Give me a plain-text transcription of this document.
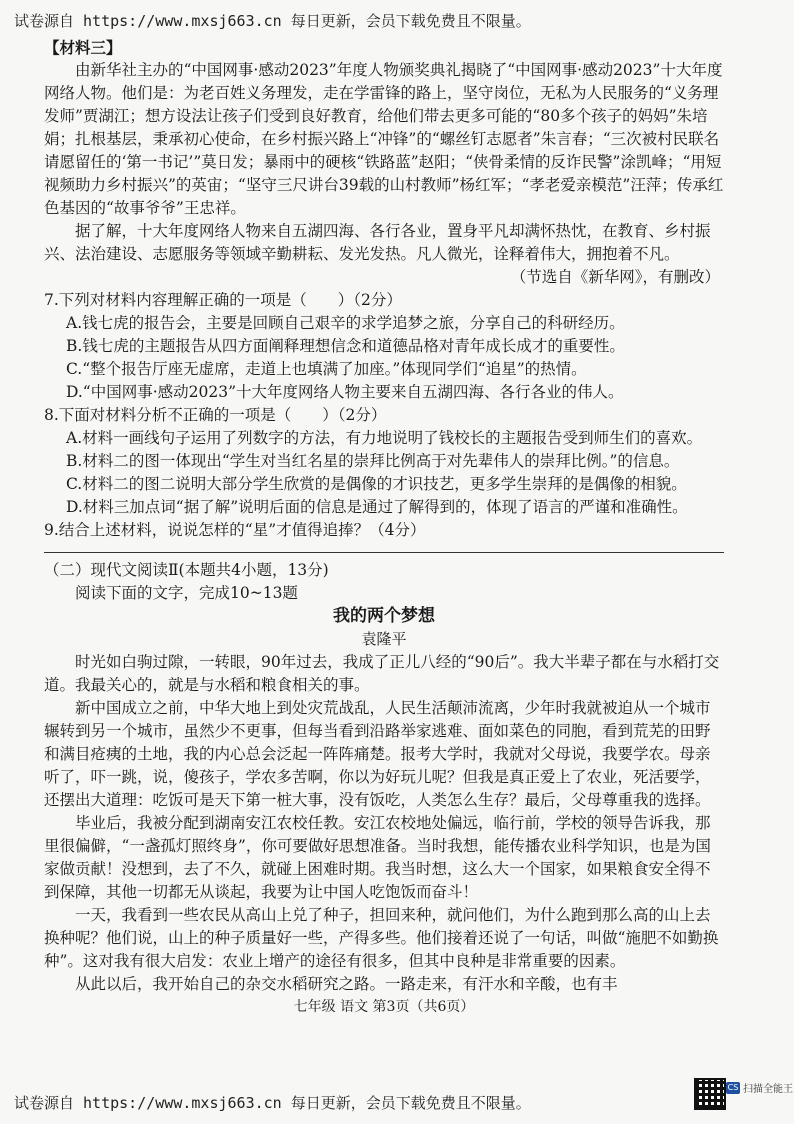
试卷源自 https://www.mxsj663.cn 每日更新，会员下载免费且不限量。

【材料三】

由新华社主办的“中国网事·感动2023”年度人物颁奖典礼揭晓了“中国网事·感动2023”十大年度网络人物。他们是：为老百姓义务理发，走在学雷锋的路上，坚守岗位，无私为人民服务的“义务理发师”贾湖江；想方设法让孩子们受到良好教育，给他们带去更多可能的“80多个孩子的妈妈”朱培娟；扎根基层，秉承初心使命，在乡村振兴路上“冲锋”的“螺丝钉志愿者”朱言春；“三次被村民联名请愿留任的‘第一书记’”莫日发；暴雨中的硬核“铁路蓝”赵阳；“侠骨柔情的反诈民警”涂凯峰；“用短视频助力乡村振兴”的英宙；“坚守三尺讲台39载的山村教师”杨红军；“孝老爱亲模范”汪萍；传承红色基因的“故事爷爷”王忠祥。

据了解，十大年度网络人物来自五湖四海、各行各业，置身平凡却满怀热忱，在教育、乡村振兴、法治建设、志愿服务等领域辛勤耕耘、发光发热。凡人微光，诠释着伟大，拥抱着不凡。

（节选自《新华网》，有删改）

7.下列对材料内容理解正确的一项是（　　）（2分）

A.钱七虎的报告会，主要是回顾自己艰辛的求学追梦之旅，分享自己的科研经历。

B.钱七虎的主题报告从四方面阐释理想信念和道德品格对青年成长成才的重要性。

C.“整个报告厅座无虚席，走道上也填满了加座。”体现同学们“追星”的热情。

D.“中国网事·感动2023”十大年度网络人物主要来自五湖四海、各行各业的伟人。

8.下面对材料分析不正确的一项是（　　）（2分）

A.材料一画线句子运用了列数字的方法，有力地说明了钱校长的主题报告受到师生们的喜欢。

B.材料二的图一体现出“学生对当红名星的崇拜比例高于对先辈伟人的崇拜比例。”的信息。

C.材料二的图二说明大部分学生欣赏的是偶像的才识技艺，更多学生崇拜的是偶像的相貌。

D.材料三加点词“据了解”说明后面的信息是通过了解得到的，体现了语言的严谨和准确性。

9.结合上述材料，说说怎样的“星”才值得追捧？（4分）

（二）现代文阅读Ⅱ(本题共4小题，13分)

阅读下面的文字，完成10~13题

我的两个梦想

袁隆平

时光如白驹过隙，一转眼，90年过去，我成了正儿八经的“90后”。我大半辈子都在与水稻打交道。我最关心的，就是与水稻和粮食相关的事。

新中国成立之前，中华大地上到处灾荒战乱，人民生活颠沛流离，少年时我就被迫从一个城市辗转到另一个城市，虽然少不更事，但每当看到沿路举家逃难、面如菜色的同胞，看到荒芜的田野和满目疮痍的土地，我的内心总会泛起一阵阵痛楚。报考大学时，我就对父母说，我要学农。母亲听了，吓一跳，说，傻孩子，学农多苦啊，你以为好玩儿呢？但我是真正爱上了农业，死活要学，还摆出大道理：吃饭可是天下第一桩大事，没有饭吃，人类怎么生存？最后，父母尊重我的选择。

毕业后，我被分配到湖南安江农校任教。安江农校地处偏远，临行前，学校的领导告诉我，那里很偏僻，“一盏孤灯照终身”，你可要做好思想准备。当时我想，能传播农业科学知识，也是为国家做贡献！没想到，去了不久，就碰上困难时期。我当时想，这么大一个国家，如果粮食安全得不到保障，其他一切都无从谈起，我要为让中国人吃饱饭而奋斗！

一天，我看到一些农民从高山上兑了种子，担回来种，就问他们，为什么跑到那么高的山上去换种呢？他们说，山上的种子质量好一些，产得多些。他们接着还说了一句话，叫做“施肥不如勤换种”。这对我有很大启发：农业上增产的途径有很多，但其中良种是非常重要的因素。

从此以后，我开始自己的杂交水稻研究之路。一路走来，有汗水和辛酸，也有丰

七年级 语文 第3页（共6页）

试卷源自 https://www.mxsj663.cn 每日更新，会员下载免费且不限量。
CS 扫描全能王
